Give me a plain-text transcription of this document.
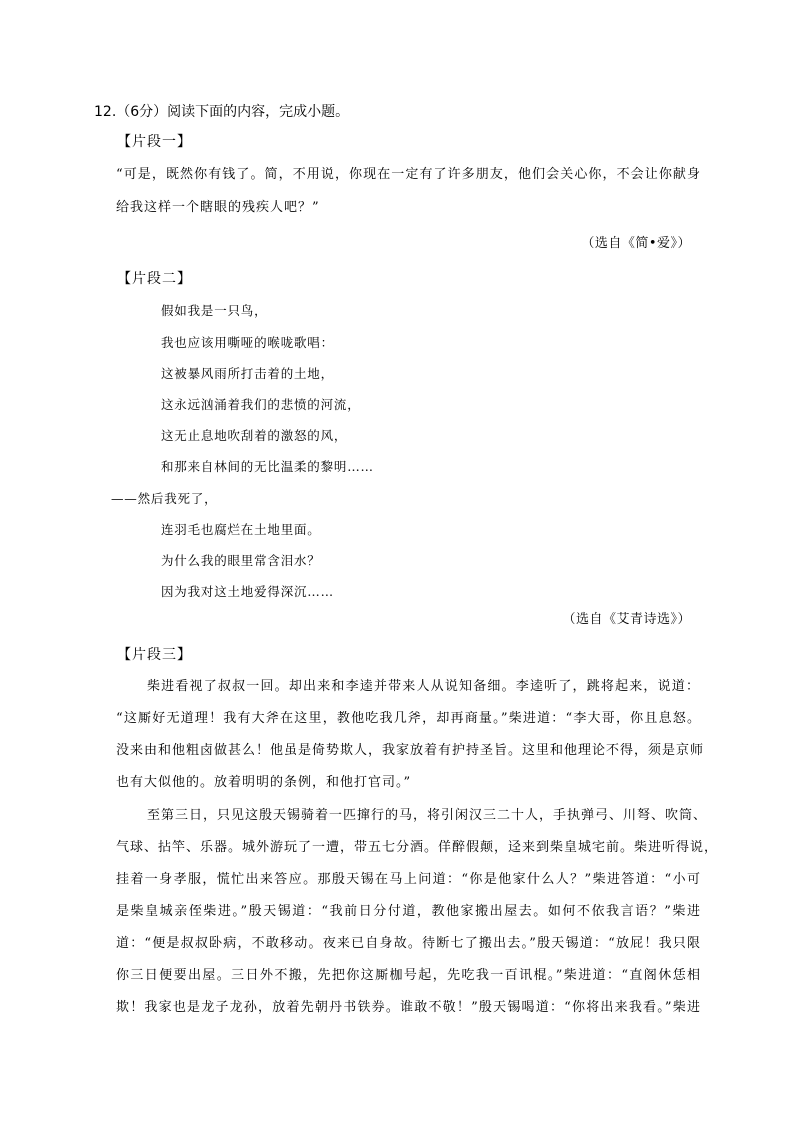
12.（6分）阅读下面的内容，完成小题。
【片段一】
“可是，既然你有钱了。简，不用说，你现在一定有了许多朋友，他们会关心你，不会让你献身
给我这样一个瞎眼的残疾人吧？”
（选自《简•爱》）
【片段二】
假如我是一只鸟，
我也应该用嘶哑的喉咙歌唱：
这被暴风雨所打击着的土地，
这永远汹涌着我们的悲愤的河流，
这无止息地吹刮着的激怒的风，
和那来自林间的无比温柔的黎明……
——然后我死了，
连羽毛也腐烂在土地里面。
为什么我的眼里常含泪水？
因为我对这土地爱得深沉……
（选自《艾青诗选》）
【片段三】
柴进看视了叔叔一回。却出来和李逵并带来人从说知备细。李逵听了，跳将起来，说道：
“这厮好无道理！我有大斧在这里，教他吃我几斧，却再商量。”柴进道：“李大哥，你且息怒。
没来由和他粗卤做甚么！他虽是倚势欺人，我家放着有护持圣旨。这里和他理论不得，须是京师
也有大似他的。放着明明的条例，和他打官司。”
至第三日，只见这殷天锡骑着一匹撺行的马，将引闲汉三二十人，手执弹弓、川弩、吹筒、
气球、拈竿、乐器。城外游玩了一遭，带五七分酒。佯醉假颠，迳来到柴皇城宅前。柴进听得说，
挂着一身孝服，慌忙出来答应。那殷天锡在马上问道：“你是他家什么人？”柴进答道：“小可
是柴皇城亲侄柴进。”殷天锡道：“我前日分付道，教他家搬出屋去。如何不依我言语？”柴进
道：“便是叔叔卧病，不敢移动。夜来已自身故。待断七了搬出去。”殷天锡道：“放屁！我只限
你三日便要出屋。三日外不搬，先把你这厮枷号起，先吃我一百讯棍。”柴进道：“直阁休恁相
欺！我家也是龙子龙孙，放着先朝丹书铁券。谁敢不敬！”殷天锡喝道：“你将出来我看。”柴进
